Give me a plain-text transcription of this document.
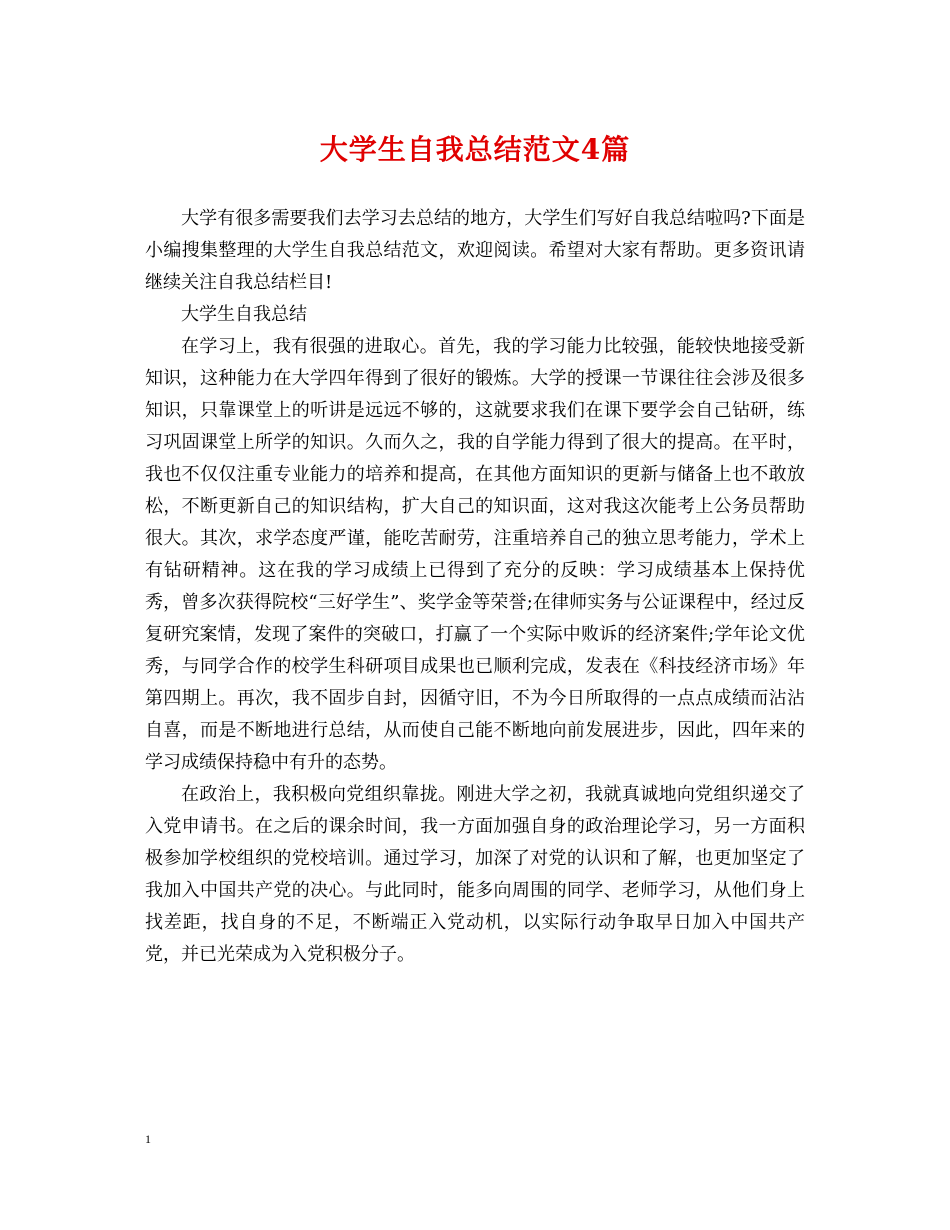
大学生自我总结范文4篇

大学有很多需要我们去学习去总结的地方，大学生们写好自我总结啦吗?下面是小编搜集整理的大学生自我总结范文，欢迎阅读。希望对大家有帮助。更多资讯请继续关注自我总结栏目!

大学生自我总结

在学习上，我有很强的进取心。首先，我的学习能力比较强，能较快地接受新知识，这种能力在大学四年得到了很好的锻炼。大学的授课一节课往往会涉及很多知识，只靠课堂上的听讲是远远不够的，这就要求我们在课下要学会自己钻研，练习巩固课堂上所学的知识。久而久之，我的自学能力得到了很大的提高。在平时，我也不仅仅注重专业能力的培养和提高，在其他方面知识的更新与储备上也不敢放松，不断更新自己的知识结构，扩大自己的知识面，这对我这次能考上公务员帮助很大。其次，求学态度严谨，能吃苦耐劳，注重培养自己的独立思考能力，学术上有钻研精神。这在我的学习成绩上已得到了充分的反映：学习成绩基本上保持优秀，曾多次获得院校“三好学生”、奖学金等荣誉;在律师实务与公证课程中，经过反复研究案情，发现了案件的突破口，打赢了一个实际中败诉的经济案件;学年论文优秀，与同学合作的校学生科研项目成果也已顺利完成，发表在《科技经济市场》年第四期上。再次，我不固步自封，因循守旧，不为今日所取得的一点点成绩而沾沾自喜，而是不断地进行总结，从而使自己能不断地向前发展进步，因此，四年来的学习成绩保持稳中有升的态势。

在政治上，我积极向党组织靠拢。刚进大学之初，我就真诚地向党组织递交了入党申请书。在之后的课余时间，我一方面加强自身的政治理论学习，另一方面积极参加学校组织的党校培训。通过学习，加深了对党的认识和了解，也更加坚定了我加入中国共产党的决心。与此同时，能多向周围的同学、老师学习，从他们身上找差距，找自身的不足，不断端正入党动机，以实际行动争取早日加入中国共产党，并已光荣成为入党积极分子。

1
